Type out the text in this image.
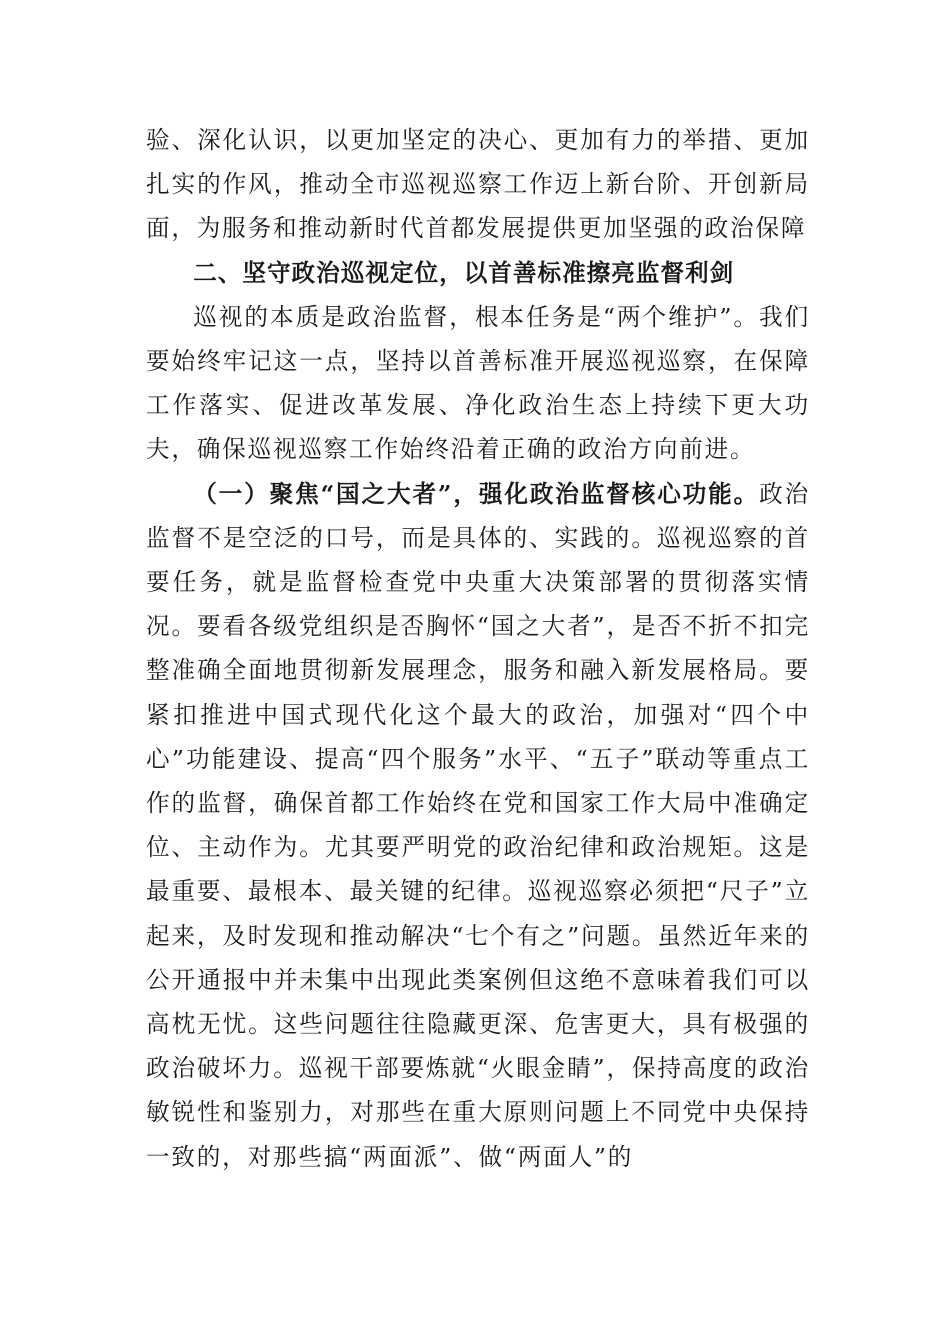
验、深化认识，以更加坚定的决心、更加有力的举措、更加扎实的作风，推动全市巡视巡察工作迈上新台阶、开创新局面，为服务和推动新时代首都发展提供更加坚强的政治保障

二、坚守政治巡视定位，以首善标准擦亮监督利剑

巡视的本质是政治监督，根本任务是“两个维护”。我们要始终牢记这一点，坚持以首善标准开展巡视巡察，在保障工作落实、促进改革发展、净化政治生态上持续下更大功夫，确保巡视巡察工作始终沿着正确的政治方向前进。

（一）聚焦“国之大者”，强化政治监督核心功能。政治监督不是空泛的口号，而是具体的、实践的。巡视巡察的首要任务，就是监督检查党中央重大决策部署的贯彻落实情况。要看各级党组织是否胸怀“国之大者”，是否不折不扣完整准确全面地贯彻新发展理念，服务和融入新发展格局。要紧扣推进中国式现代化这个最大的政治，加强对“四个中心”功能建设、提高“四个服务”水平、“五子”联动等重点工作的监督，确保首都工作始终在党和国家工作大局中准确定位、主动作为。尤其要严明党的政治纪律和政治规矩。这是最重要、最根本、最关键的纪律。巡视巡察必须把“尺子”立起来，及时发现和推动解决“七个有之”问题。虽然近年来的公开通报中并未集中出现此类案例但这绝不意味着我们可以高枕无忧。这些问题往往隐藏更深、危害更大，具有极强的政治破坏力。巡视干部要炼就“火眼金睛”，保持高度的政治敏锐性和鉴别力，对那些在重大原则问题上不同党中央保持一致的，对那些搞“两面派”、做“两面人”的
